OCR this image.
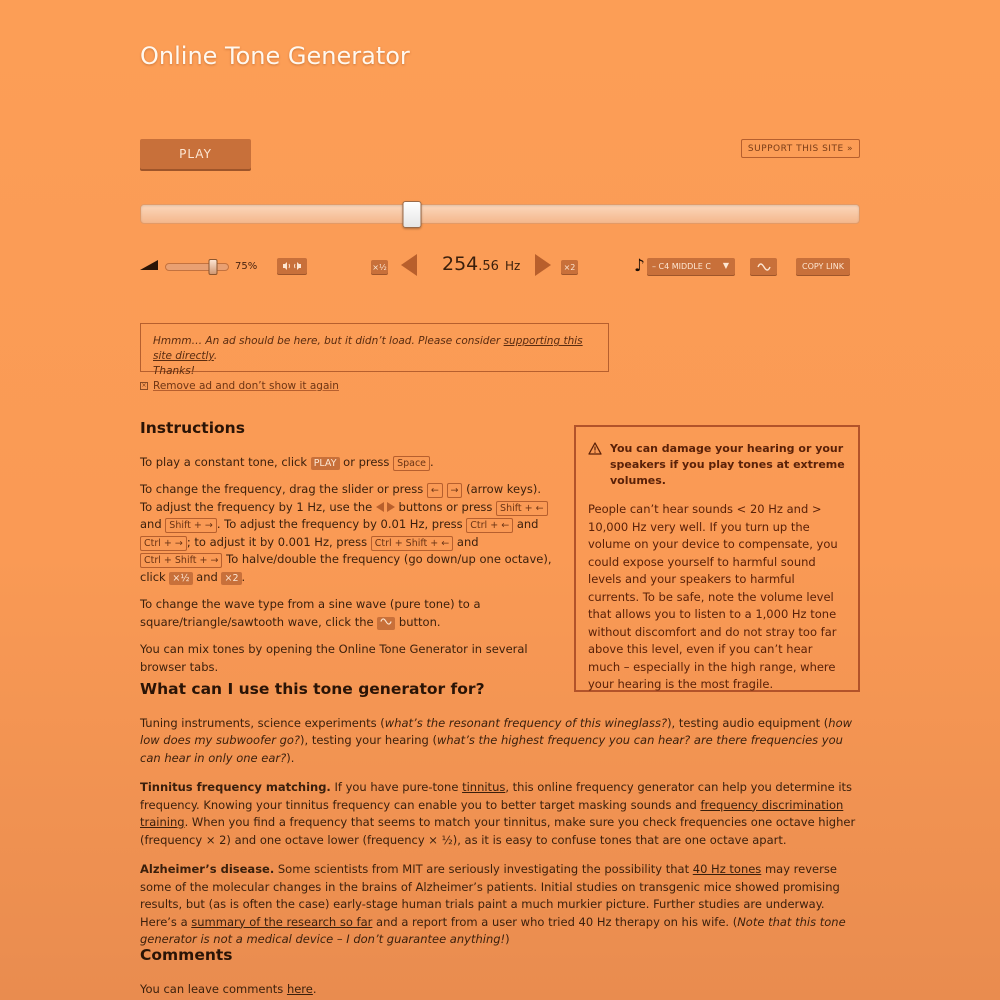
Online Tone Generator
PLAY	SUPPORT THIS SITE »
75%	×½	254.56 Hz	×2	♪ – C4 MIDDLE C ▼	COPY LINK
Hmmm… An ad should be here, but it didn’t load. Please consider supporting this site directly.
Thanks!
× Remove ad and don’t show it again
Instructions

To play a constant tone, click PLAY or press Space .

To change the frequency, drag the slider or press ← → (arrow keys). To adjust the frequency by 1 Hz, use the  buttons or press Shift + ← and Shift + → . To adjust the frequency by 0.01 Hz, press Ctrl + ← and Ctrl + → ; to adjust it by 0.001 Hz, press Ctrl + Shift + ← and Ctrl + Shift + → To halve/double the frequency (go down/up one octave), click ×½ and ×2 .

To change the wave type from a sine wave (pure tone) to a square/triangle/sawtooth wave, click the  button.

You can mix tones by opening the Online Tone Generator in several browser tabs.

You can damage your hearing or your speakers if you play tones at extreme volumes.

People can’t hear sounds < 20 Hz and > 10,000 Hz very well. If you turn up the volume on your device to compensate, you could expose yourself to harmful sound levels and your speakers to harmful currents. To be safe, note the volume level that allows you to listen to a 1,000 Hz tone without discomfort and do not stray too far above this level, even if you can’t hear much – especially in the high range, where your hearing is the most fragile.

What can I use this tone generator for?

Tuning instruments, science experiments (what’s the resonant frequency of this wineglass?), testing audio equipment (how low does my subwoofer go?), testing your hearing (what’s the highest frequency you can hear? are there frequencies you can hear in only one ear?).

Tinnitus frequency matching. If you have pure-tone tinnitus, this online frequency generator can help you determine its frequency. Knowing your tinnitus frequency can enable you to better target masking sounds and frequency discrimination training. When you find a frequency that seems to match your tinnitus, make sure you check frequencies one octave higher (frequency × 2) and one octave lower (frequency × ½), as it is easy to confuse tones that are one octave apart.

Alzheimer’s disease. Some scientists from MIT are seriously investigating the possibility that 40 Hz tones may reverse some of the molecular changes in the brains of Alzheimer’s patients. Initial studies on transgenic mice showed promising results, but (as is often the case) early-stage human trials paint a much murkier picture. Further studies are underway. Here’s a summary of the research so far and a report from a user who tried 40 Hz therapy on his wife. (Note that this tone generator is not a medical device – I don’t guarantee anything!)

Comments

You can leave comments here.
